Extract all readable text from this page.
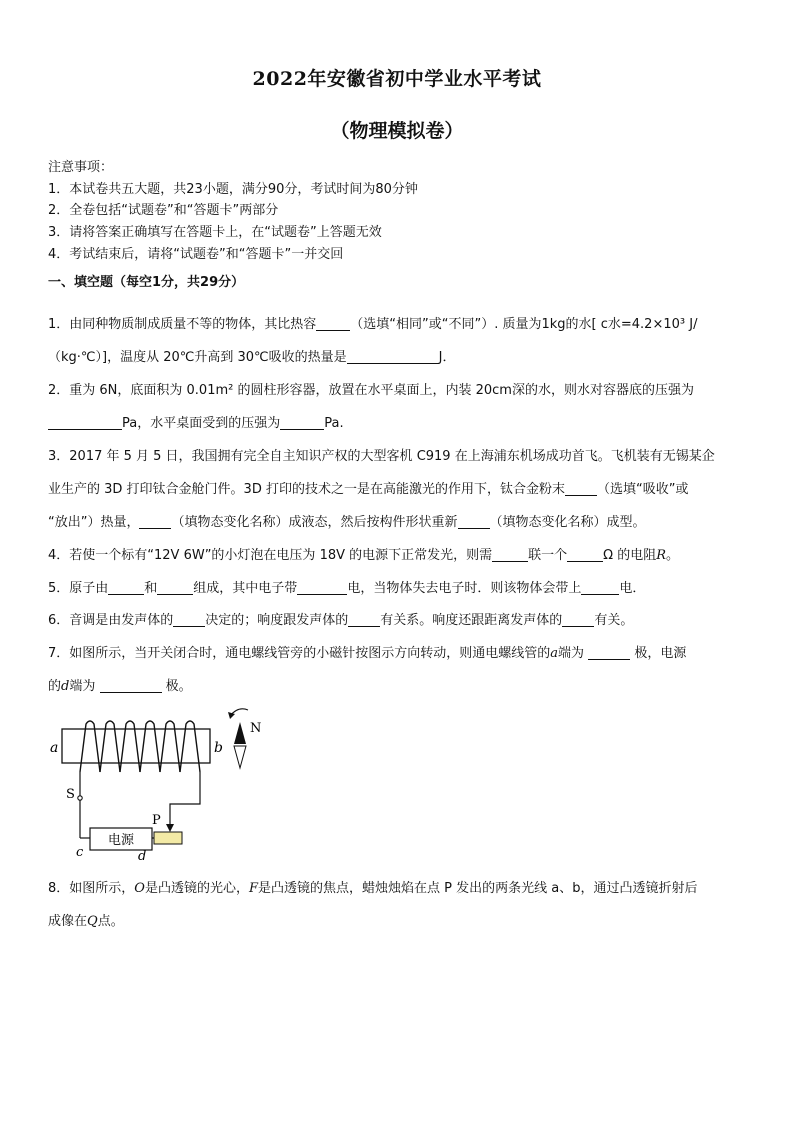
2022年安徽省初中学业水平考试
（物理模拟卷）
注意事项：
1．本试卷共五大题，共23小题，满分90分，考试时间为80分钟
2．全卷包括“试题卷”和“答题卡”两部分
3．请将答案正确填写在答题卡上，在“试题卷”上答题无效
4．考试结束后，请将“试题卷”和“答题卡”一并交回
一、填空题（每空1分，共29分）
1．由同种物质制成质量不等的物体，其比热容	（选填“相同”或“不同”）. 质量为1kg的水[ c水=4.2×10³ J/
（kg·℃）]，温度从 20℃升高到 30℃吸收的热量是	J．
2．重为 6N，底面积为 0.01m² 的圆柱形容器，放置在水平桌面上，内装 20cm深的水，则水对容器底的压强为
Pa，水平桌面受到的压强为	Pa.
3．2017 年 5 月 5 日，我国拥有完全自主知识产权的大型客机 C919 在上海浦东机场成功首飞。飞机装有无锡某企
业生产的 3D 打印钛合金舱门件。3D 打印的技术之一是在高能激光的作用下，钛合金粉末 （选填“吸收”或
“放出”）热量， （填物态变化名称）成液态，然后按构件形状重新 （填物态变化名称）成型。
4．若使一个标有“12V 6W”的小灯泡在电压为 18V 的电源下正常发光，则需	联一个	Ω 的电阻R。
5．原子由	和	组成，其中电子带	电，当物体失去电子时．则该物体会带上	电．
6．音调是由发声体的 决定的；响度跟发声体的 有关系。响度还跟距离发声体的 有关。
7．如图所示，当开关闭合时，通电螺线管旁的小磁针按图示方向转动，则通电螺线管的a端为	极，电源
的d端为	极。
电源
a	b
S
P
c	d
N
8．如图所示，O是凸透镜的光心，F是凸透镜的焦点，蜡烛烛焰在点 P 发出的两条光线 a、b，通过凸透镜折射后
成像在Q点。
